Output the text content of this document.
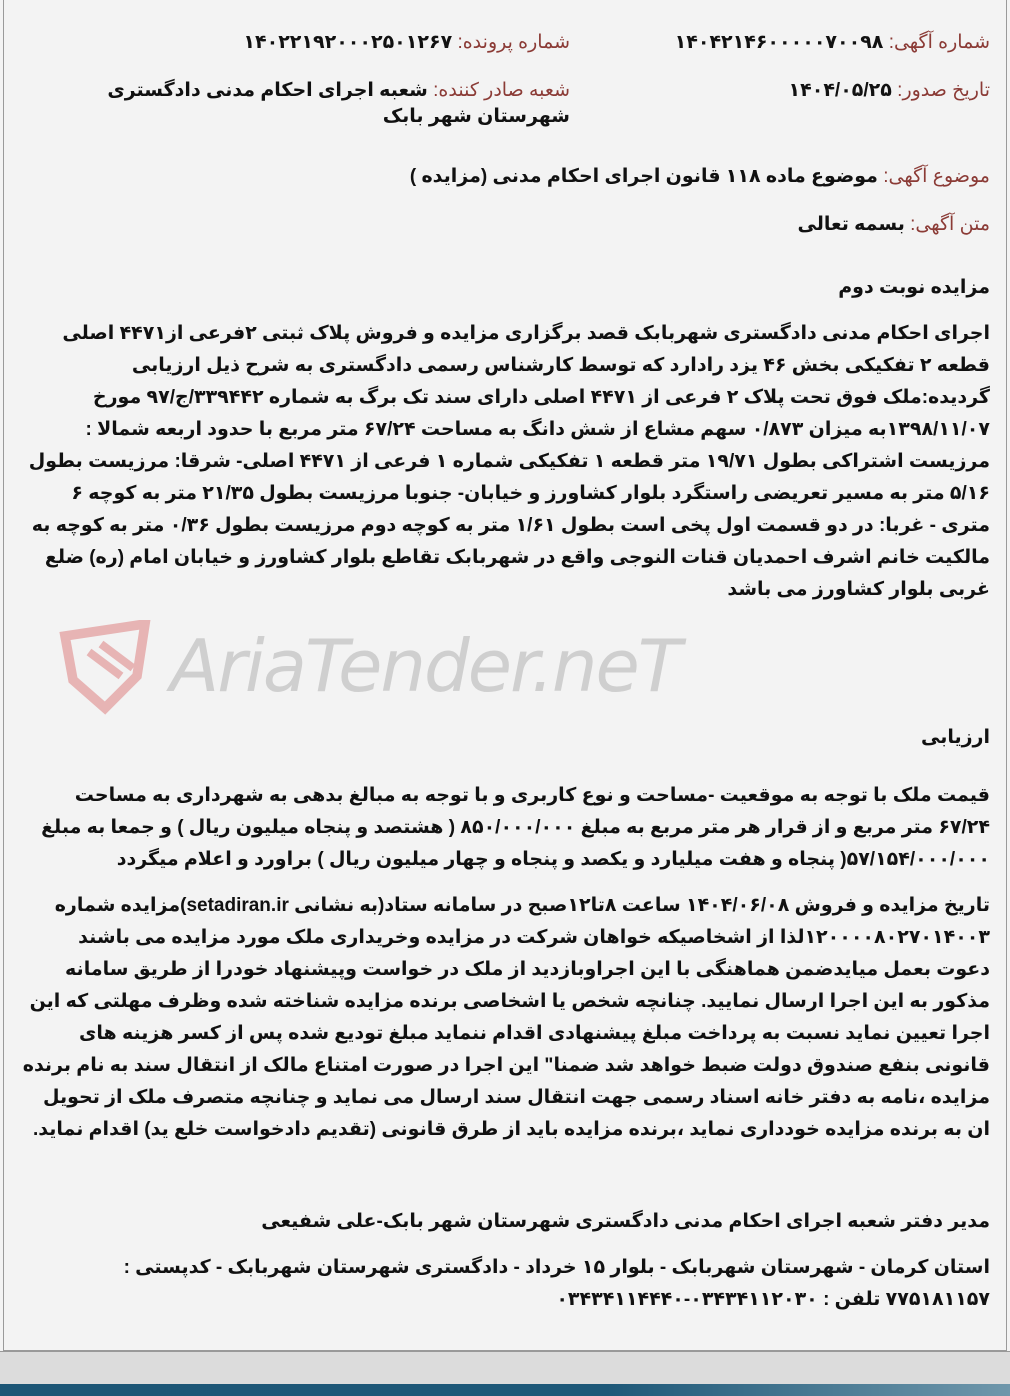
شماره آگهی: ۱۴۰۴۲۱۴۶۰۰۰۰۰۷۰۰۹۸
شماره پرونده: ۱۴۰۲۲۱۹۲۰۰۰۲۵۰۱۲۶۷
تاریخ صدور: ۱۴۰۴/۰۵/۲۵
شعبه صادر کننده: شعبه اجرای احکام مدنی دادگستری شهرستان شهر بابک
موضوع آگهی: موضوع ماده ۱۱۸ قانون اجرای احکام مدنی (مزایده )
متن آگهی: بسمه تعالی
مزایده نوبت دوم
اجرای احکام مدنی دادگستری شهربابک قصد برگزاری مزایده و فروش پلاک ثبتی ۲فرعی از۴۴۷۱ اصلی قطعه ۲ تفکیکی بخش ۴۶ یزد رادارد که توسط کارشناس رسمی دادگستری به شرح ذیل ارزیابی گردیده:ملک فوق تحت پلاک ۲ فرعی از ۴۴۷۱ اصلی دارای سند تک برگ به شماره ۳۳۹۴۴۲/ج/۹۷ مورخ ۱۳۹۸/۱۱/۰۷به میزان ۰/۸۷۳ سهم مشاع از شش دانگ به مساحت ۶۷/۲۴ متر مربع با حدود اربعه شمالا : مرزیست اشتراکی بطول ۱۹/۷۱ متر قطعه ۱ تفکیکی شماره ۱ فرعی از ۴۴۷۱ اصلی- شرقا: مرزیست بطول ۵/۱۶ متر به مسیر تعریضی راستگرد بلوار کشاورز و خیابان- جنوبا مرزیست بطول ۲۱/۳۵ متر به کوچه ۶ متری - غربا: در دو قسمت اول پخی است بطول ۱/۶۱ متر به کوچه دوم مرزیست بطول ۰/۳۶ متر به کوچه به مالکیت خانم اشرف احمدیان قنات النوجی واقع در شهربابک تقاطع بلوار کشاورز و خیابان امام (ره) ضلع غربی بلوار کشاورز می باشد
AriaTender.neT
ارزیابی
قیمت ملک با توجه به موقعیت -مساحت و نوع کاربری و با توجه به مبالغ بدهی به شهرداری به مساحت ۶۷/۲۴ متر مربع و از قرار هر متر مربع به مبلغ ۸۵۰/۰۰۰/۰۰۰ ( هشتصد و پنجاه میلیون ریال ) و جمعا به مبلغ ۵۷/۱۵۴/۰۰۰/۰۰۰( پنجاه و هفت میلیارد و یکصد و پنجاه و چهار میلیون ریال ) براورد و اعلام میگردد
تاریخ مزایده و فروش ۱۴۰۴/۰۶/۰۸ ساعت ۸تا۱۲صبح در سامانه ستاد(به نشانی setadiran.ir)مزایده شماره ۱۲۰۰۰۰۸۰۲۷۰۱۴۰۰۳لذا از اشخاصیکه خواهان شرکت در مزایده وخریداری ملک مورد مزایده می باشند دعوت بعمل میایدضمن هماهنگی با این اجراوبازدید از ملک در خواست وپیشنهاد خودرا از طریق سامانه مذکور به این اجرا ارسال نمایید. چنانچه شخص یا اشخاصی برنده مزایده شناخته شده وظرف مهلتی که این اجرا تعیین نماید نسبت به پرداخت مبلغ پیشنهادی اقدام ننماید مبلغ تودیع شده پس از کسر هزینه های قانونی بنفع صندوق دولت ضبط خواهد شد ضمنا" این اجرا در صورت امتناع مالک از انتقال سند به نام برنده مزایده ،نامه به دفتر خانه اسناد رسمی جهت انتقال سند ارسال می نماید و چنانچه متصرف ملک از تحویل ان به برنده مزایده خودداری نماید ،برنده مزایده باید از طرق قانونی (تقدیم دادخواست خلع ید) اقدام نماید.
مدیر دفتر شعبه اجرای احکام مدنی دادگستری شهرستان شهر بابک-علی شفیعی
استان کرمان - شهرستان شهربابک - بلوار ۱۵ خرداد - دادگستری شهرستان شهربابک - کدپستی : ۷۷۵۱۸۱۱۵۷ تلفن : ۰۳۴۳۴۱۱۲۰۳۰-۰۳۴۳۴۱۱۴۴۴۰
